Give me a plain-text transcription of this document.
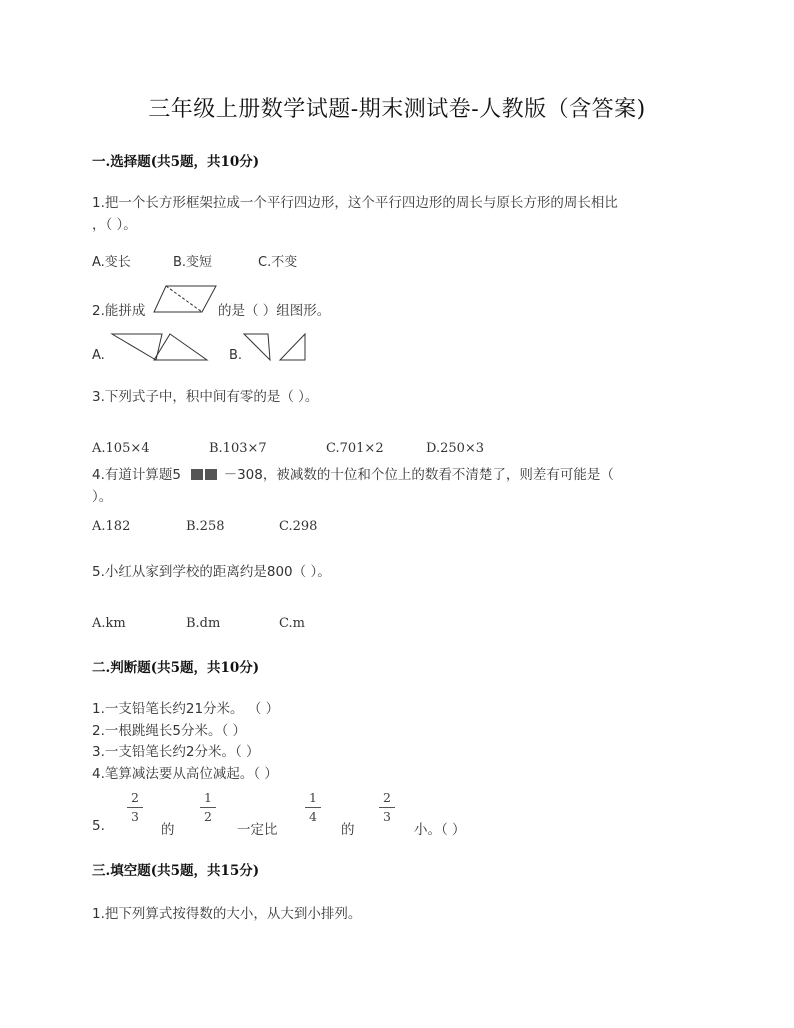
三年级上册数学试题-期末测试卷-人教版（含答案)
一.选择题(共5题，共10分)
1.把一个长方形框架拉成一个平行四边形，这个平行四边形的周长与原长方形的周长相比
，（ ）。
A.变长	B.变短	C.不变
2.能拼成	的是（ ）组图形。
A.	B.
3.下列式子中，积中间有零的是（ ）。
A.105×4	B.103×7	C.701×2	D.250×3
4.有道计算题5	－308，被减数的十位和个位上的数看不清楚了，则差有可能是（
）。
A.182	B.258	C.298
5.小红从家到学校的距离约是800（ ）。
A.km	B.dm	C.m
二.判断题(共5题，共10分)
1.一支铅笔长约21分米。 （ ）
2.一根跳绳长5分米。（ ）
3.一支铅笔长约2分米。（ ）
4.笔算减法要从高位减起。（ ）
5.
2
3
的
1
2
一定比
1
4
的
2
3
小。（ ）
三.填空题(共5题，共15分)
1.把下列算式按得数的大小，从大到小排列。
